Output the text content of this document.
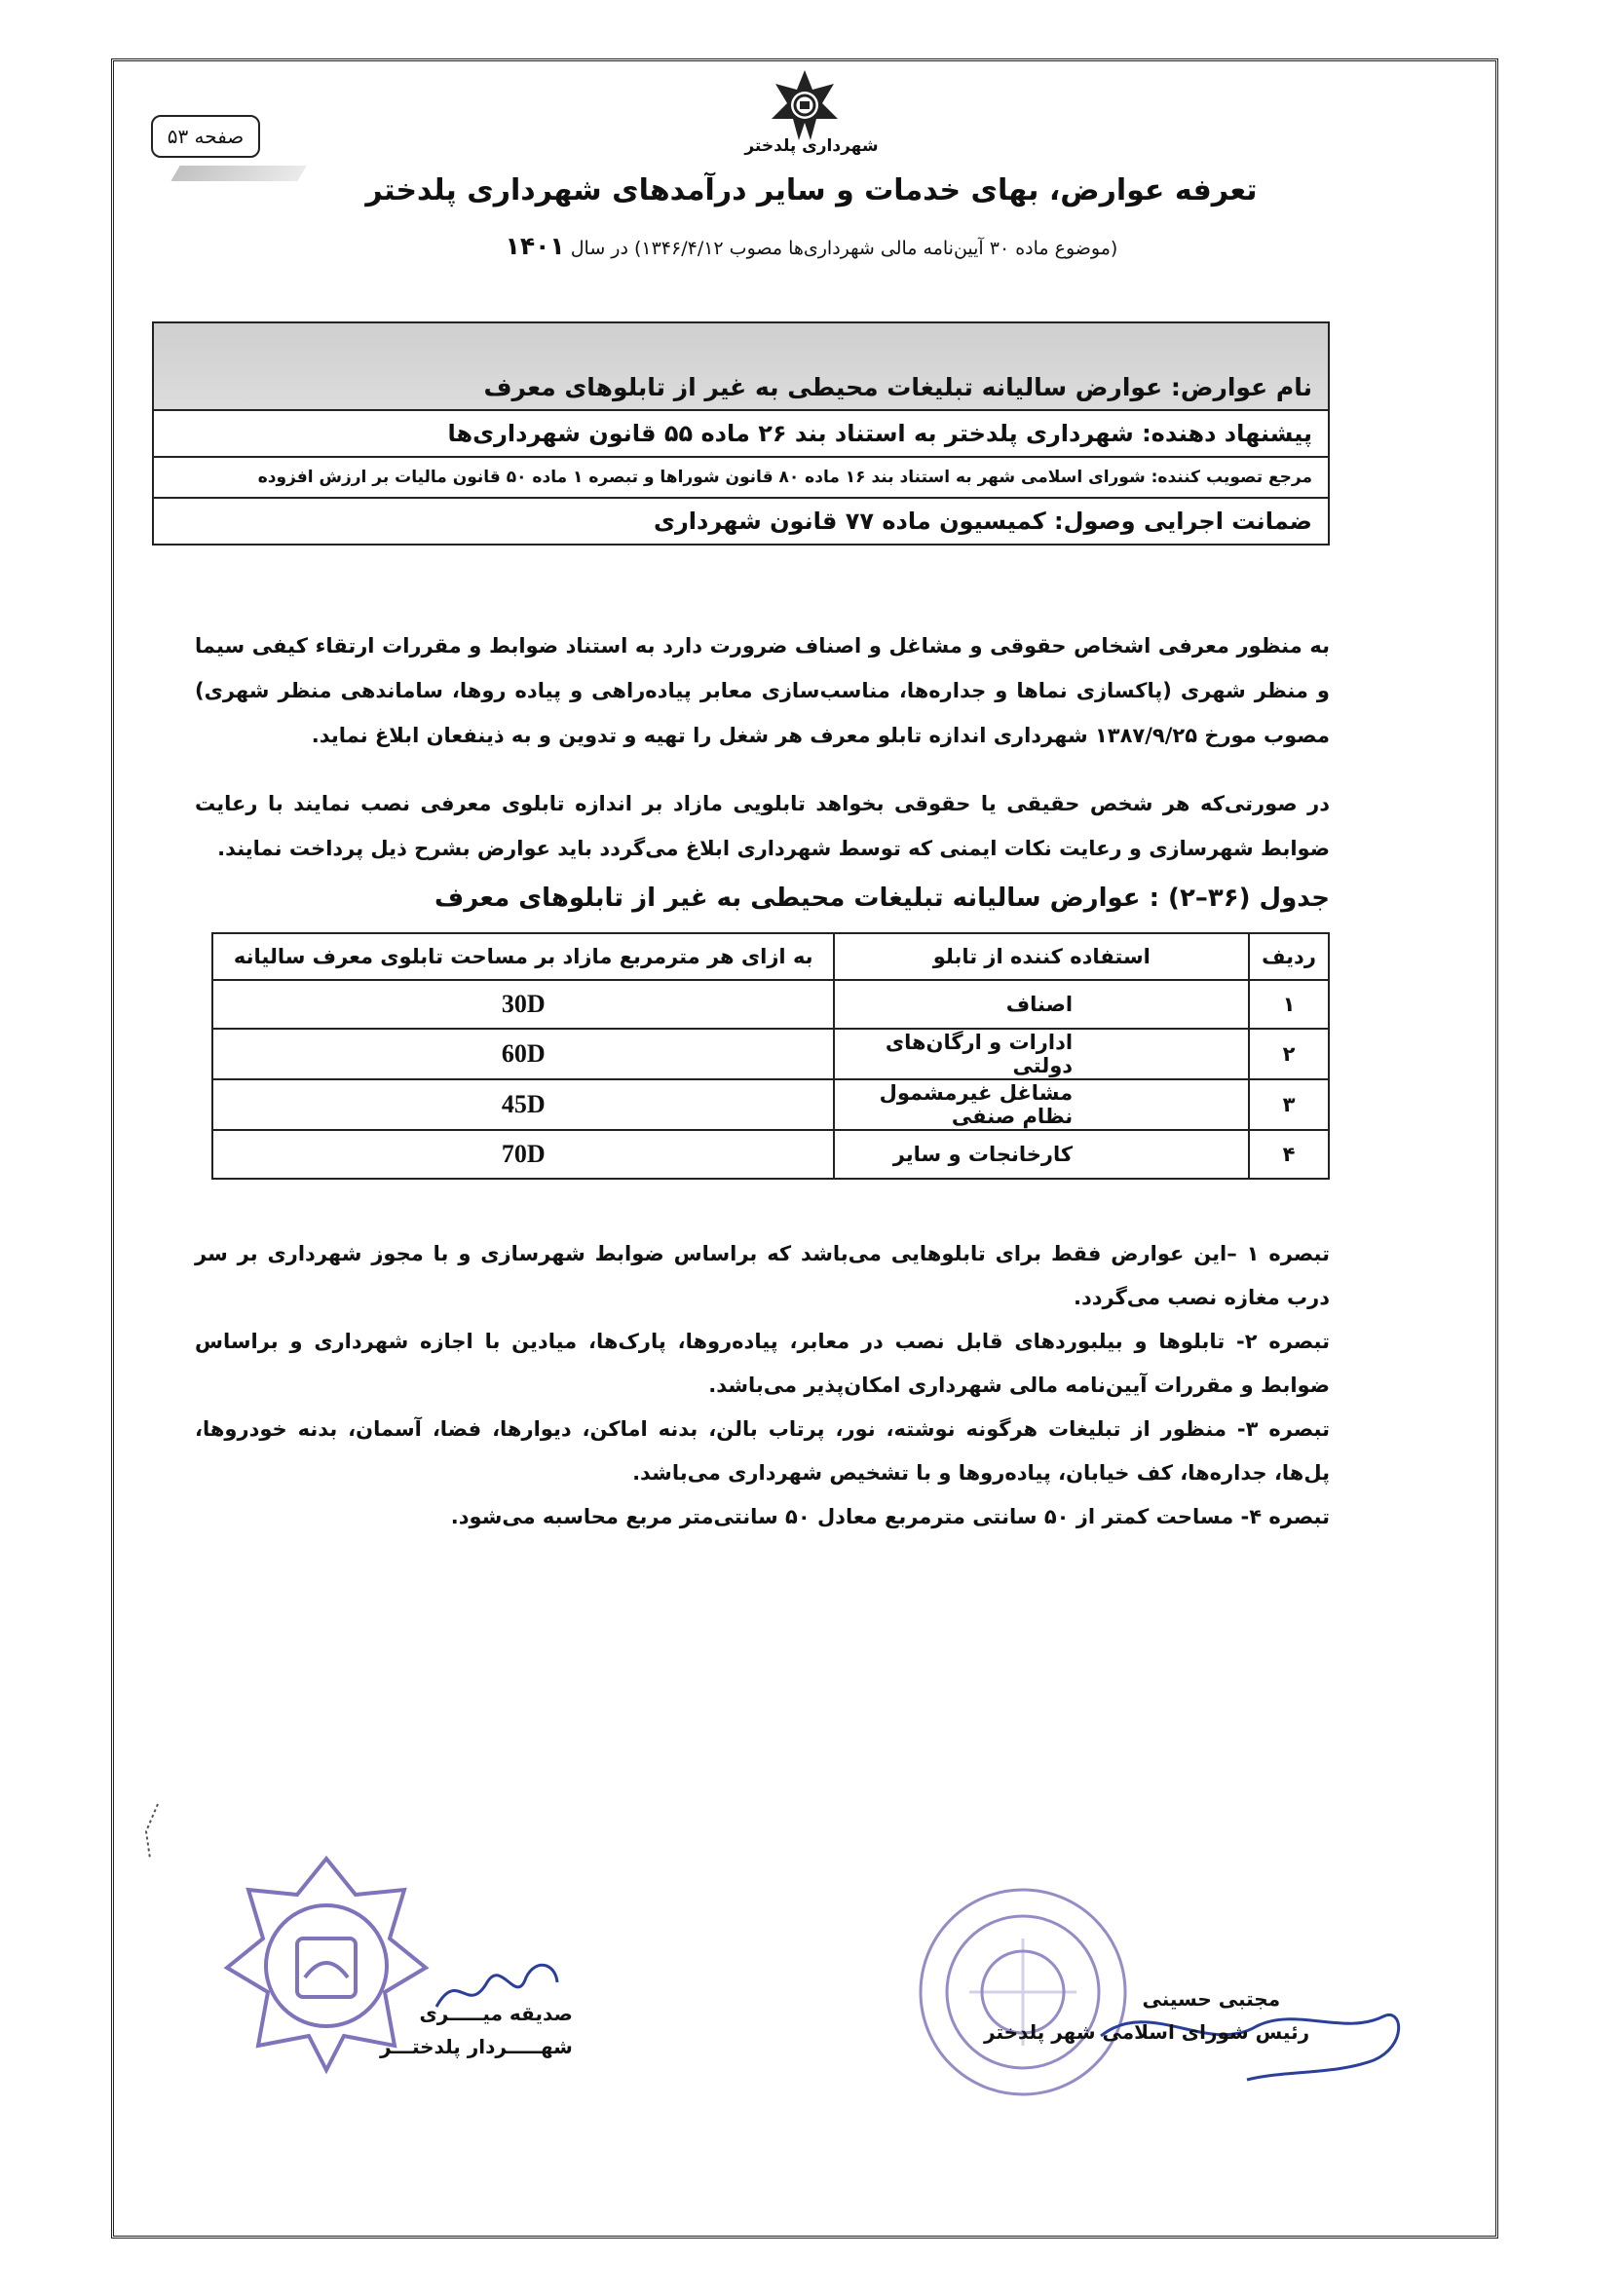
صفحه ۵۳	شهرداری پلدختر
تعرفه عوارض، بهای خدمات و سایر درآمدهای شهرداری پلدختر
(موضوع ماده ۳۰ آیین‌نامه مالی شهرداری‌ها مصوب ۱۳۴۶/۴/۱۲) در سال ۱۴۰۱
نام عوارض: عوارض سالیانه تبلیغات محیطی به غیر از تابلوهای معرف
پیشنهاد دهنده: شهرداری پلدختر به استناد بند ۲۶ ماده ۵۵ قانون شهرداری‌ها
مرجع تصویب کننده: شورای اسلامی شهر به استناد بند ۱۶ ماده ۸۰ قانون شوراها و تبصره ۱ ماده ۵۰ قانون مالیات بر ارزش افزوده
ضمانت اجرایی وصول: کمیسیون ماده ۷۷ قانون شهرداری
به منظور معرفی اشخاص حقوقی و مشاغل و اصناف ضرورت دارد به استناد ضوابط و مقررات ارتقاء کیفی سیما و منظر شهری (پاکسازی نماها و جداره‌ها، مناسب‌سازی معابر پیاده‌راهی و پیاده روها، ساماندهی منظر شهری) مصوب مورخ ۱۳۸۷/۹/۲۵ شهرداری اندازه تابلو معرف هر شغل را تهیه و تدوین و به ذینفعان ابلاغ نماید.
در صورتی‌که هر شخص حقیقی یا حقوقی بخواهد تابلویی مازاد بر اندازه تابلوی معرفی نصب نمایند با رعایت ضوابط شهرسازی و رعایت نکات ایمنی که توسط شهرداری ابلاغ می‌گردد باید عوارض بشرح ذیل پرداخت نمایند.
جدول (۳۶–۲) : عوارض سالیانه تبلیغات محیطی به غیر از تابلوهای معرف
ردیف	استفاده کننده از تابلو	به ازای هر مترمربع مازاد بر مساحت تابلوی معرف سالیانه
۱	اصناف	30D
۲	ادارات و ارگان‌های دولتی	60D
۳	مشاغل غیرمشمول نظام صنفی	45D
۴	کارخانجات و سایر	70D

تبصره ۱ –این عوارض فقط برای تابلوهایی می‌باشد که براساس ضوابط شهرسازی و با مجوز شهرداری بر سر درب مغازه نصب می‌گردد.

تبصره ۲- تابلوها و بیلبوردهای قابل نصب در معابر، پیاده‌روها، پارک‌ها، میادین با اجازه شهرداری و براساس ضوابط و مقررات آیین‌نامه مالی شهرداری امکان‌پذیر می‌باشد.

تبصره ۳- منظور از تبلیغات هرگونه نوشته، نور، پرتاب بالن، بدنه اماکن، دیوارها، فضا، آسمان، بدنه خودروها، پل‌ها، جداره‌ها، کف خیابان، پیاده‌روها و با تشخیص شهرداری می‌باشد.

تبصره ۴- مساحت کمتر از ۵۰ سانتی مترمربع معادل ۵۰ سانتی‌متر مربع محاسبه می‌شود.

صدیقه میـــــری
شهـــــردار پلدختـــر
مجتبی حسینی
رئیس شورای اسلامی شهر پلدختر
